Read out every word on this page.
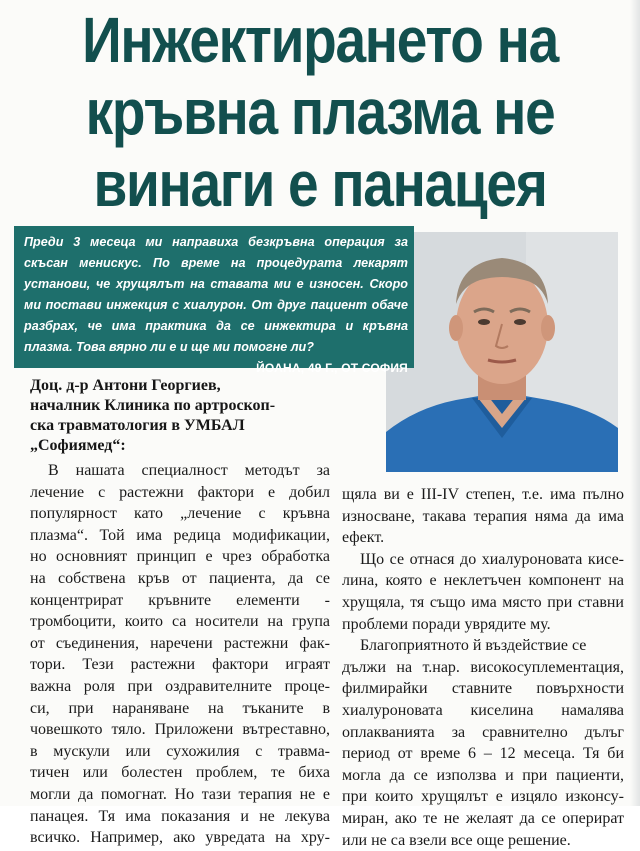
Инжектирането на
кръвна плазма не
винаги е панацея
Преди 3 месеца ми направиха безкръвна операция за скъсан менискус. По време на процедурата лекарят установи, че хрущялът на ставата ми е износен. Скоро ми постави инжекция с хиалурон. От друг пациент обаче разбрах, че има практика да се инжектира и кръвна плазма. Това вярно ли е и ще ми помогне ли?
ЙОАНА, 49 Г., ОТ СОФИЯ
Доц. д-р Антони Георгиев,
началник Клиника по артроскоп-
ска травматология в УМБАЛ
„Софиямед“:
В нашата специалност методът за
лечение с растежни фактори е добил
популярност като „лечение с кръвна
плазма“. Той има редица модификации,
но основният принцип е чрез обработка
на собствена кръв от пациента, да се
концентрират кръвните елементи -
тромбоцити, които са носители на група
от съединения, наречени растежни фак-
тори. Тези растежни фактори играят
важна роля при оздравителните проце-
си, при нараняване на тъканите в
човешкото тяло. Приложени вътреставно,
в мускули или сухожилия с травма-
тичен или болестен проблем, те биха
могли да помогнат. Но тази терапия не е
панацея. Тя има показания и не лекува
всичко. Например, ако увредата на хру-
щяла ви е III-IV степен, т.е. има пълно
износване, такава терапия няма да има
ефект.
Що се отнася до хиалуроновата кисе-
лина, която е неклетъчен компонент на
хрущяла, тя също има място при ставни
проблеми поради уврядите му.
Благоприятното й въздействие се
дължи на т.нар. високосуплементация,
филмирайки ставните повърхности
хиалуроновата киселина намалява
оплакванията за сравнително дълъг
период от време 6 – 12 месеца. Тя би
могла да се използва и при пациенти,
при които хрущялът е изцяло изконсу-
миран, ако те не желаят да се оперират
или не са взели все още решение.
